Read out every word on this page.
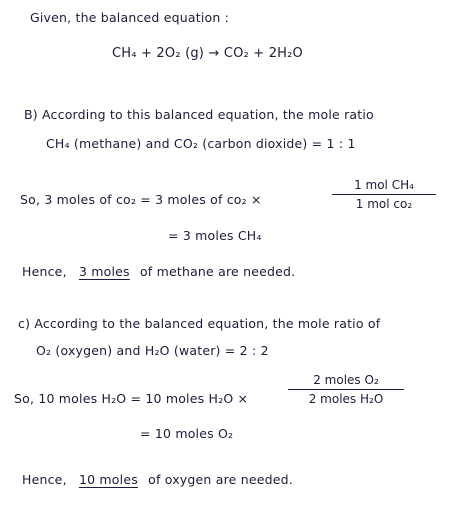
Given, the balanced equation :
CH₄ + 2O₂ (g) → CO₂ + 2H₂O
B) According to this balanced equation, the mole ratio
CH₄ (methane) and CO₂ (carbon dioxide) = 1 : 1
So, 3 moles of co₂ = 3 moles of co₂ ×
1 mol CH₄
1 mol co₂
= 3 moles CH₄
Hence, 3 moles of methane are needed.
c) According to the balanced equation, the mole ratio of
O₂ (oxygen) and H₂O (water) = 2 : 2
So, 10 moles H₂O = 10 moles H₂O ×
2 moles O₂
2 moles H₂O
= 10 moles O₂
Hence, 10 moles of oxygen are needed.
